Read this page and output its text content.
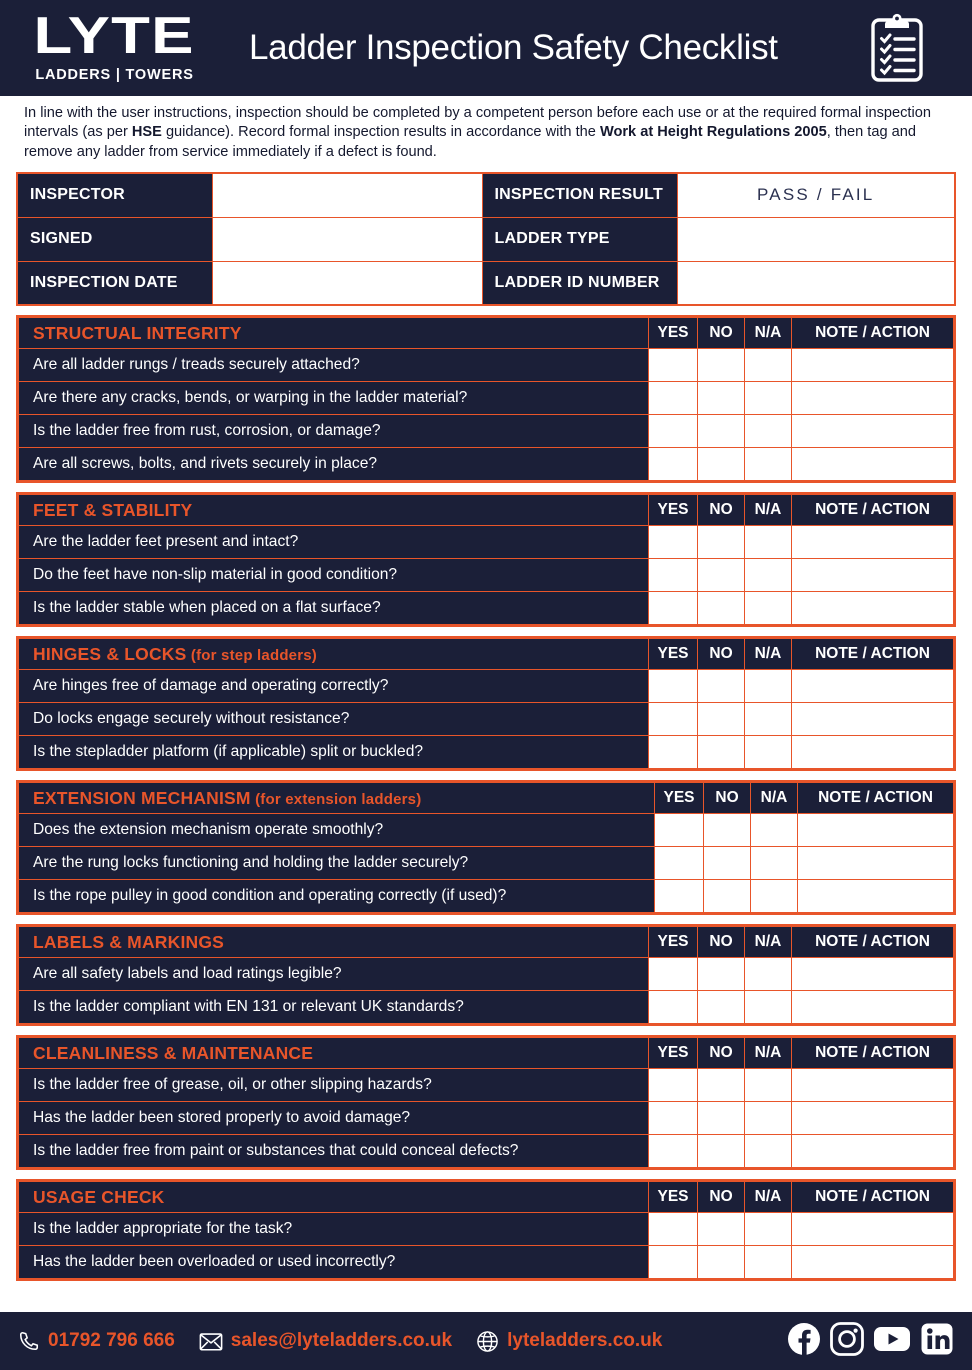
LYTE
LADDERS | TOWERS
Ladder Inspection Safety Checklist
In line with the user instructions, inspection should be completed by a competent person before each use or at the required formal inspection intervals (as per HSE guidance). Record formal inspection results in accordance with the Work at Height Regulations 2005, then tag and remove any ladder from service immediately if a defect is found.
INSPECTOR		INSPECTION RESULT	PASS / FAIL
SIGNED		LADDER TYPE	
INSPECTION DATE		LADDER ID NUMBER	
STRUCTUAL INTEGRITY	YES	NO	N/A	NOTE / ACTION
Are all ladder rungs / treads securely attached?				
Are there any cracks, bends, or warping in the ladder material?				
Is the ladder free from rust, corrosion, or damage?				
Are all screws, bolts, and rivets securely in place?				
FEET & STABILITY	YES	NO	N/A	NOTE / ACTION
Are the ladder feet present and intact?				
Do the feet have non-slip material in good condition?				
Is the ladder stable when placed on a flat surface?				
HINGES & LOCKS (for step ladders)	YES	NO	N/A	NOTE / ACTION
Are hinges free of damage and operating correctly?				
Do locks engage securely without resistance?				
Is the stepladder platform (if applicable) split or buckled?				
EXTENSION MECHANISM (for extension ladders)	YES	NO	N/A	NOTE / ACTION
Does the extension mechanism operate smoothly?				
Are the rung locks functioning and holding the ladder securely?				
Is the rope pulley in good condition and operating correctly (if used)?				
LABELS & MARKINGS	YES	NO	N/A	NOTE / ACTION
Are all safety labels and load ratings legible?				
Is the ladder compliant with EN 131 or relevant UK standards?				
CLEANLINESS & MAINTENANCE	YES	NO	N/A	NOTE / ACTION
Is the ladder free of grease, oil, or other slipping hazards?				
Has the ladder been stored properly to avoid damage?				
Is the ladder free from paint or substances that could conceal defects?				
USAGE CHECK	YES	NO	N/A	NOTE / ACTION
Is the ladder appropriate for the task?				
Has the ladder been overloaded or used incorrectly?				
01792 796 666	sales@lyteladders.co.uk	lyteladders.co.uk
